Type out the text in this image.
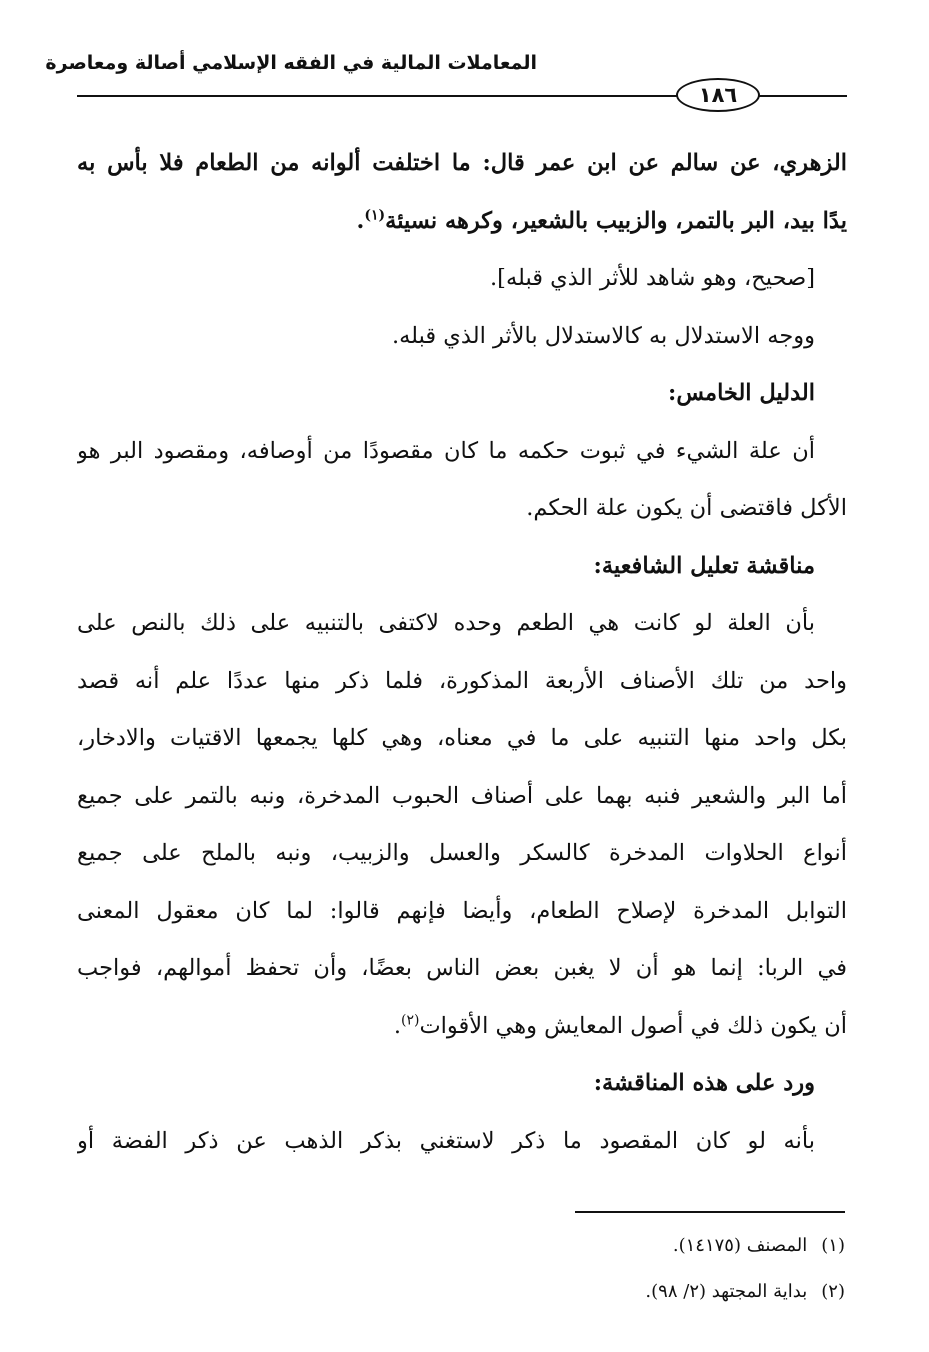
المعاملات المالية في الفقه الإسلامي أصالة ومعاصرة
١٨٦
الزهري، عن سالم عن ابن عمر قال: ما اختلفت ألوانه من الطعام فلا بأس به
يدًا بيد، البر بالتمر، والزبيب بالشعير، وكرهه نسيئة$^{(١)}$.
[صحيح، وهو شاهد للأثر الذي قبله].
ووجه الاستدلال به كالاستدلال بالأثر الذي قبله.
الدليل الخامس:
أن علة الشيء في ثبوت حكمه ما كان مقصودًا من أوصافه، ومقصود البر هو
الأكل فاقتضى أن يكون علة الحكم.
مناقشة تعليل الشافعية:
بأن العلة لو كانت هي الطعم وحده لاكتفى بالتنبيه على ذلك بالنص على
واحد من تلك الأصناف الأربعة المذكورة، فلما ذكر منها عددًا علم أنه قصد
بكل واحد منها التنبيه على ما في معناه، وهي كلها يجمعها الاقتيات والادخار،
أما البر والشعير فنبه بهما على أصناف الحبوب المدخرة، ونبه بالتمر على جميع
أنواع الحلاوات المدخرة كالسكر والعسل والزبيب، ونبه بالملح على جميع
التوابل المدخرة لإصلاح الطعام، وأيضا فإنهم قالوا: لما كان معقول المعنى
في الربا: إنما هو أن لا يغبن بعض الناس بعضًا، وأن تحفظ أموالهم، فواجب
أن يكون ذلك في أصول المعايش وهي الأقوات$^{(٢)}$.
ورد على هذه المناقشة:
بأنه لو كان المقصود ما ذكر لاستغني بذكر الذهب عن ذكر الفضة أو
(١)المصنف (١٤١٧٥).
(٢)بداية المجتهد (٢/ ٩٨).
